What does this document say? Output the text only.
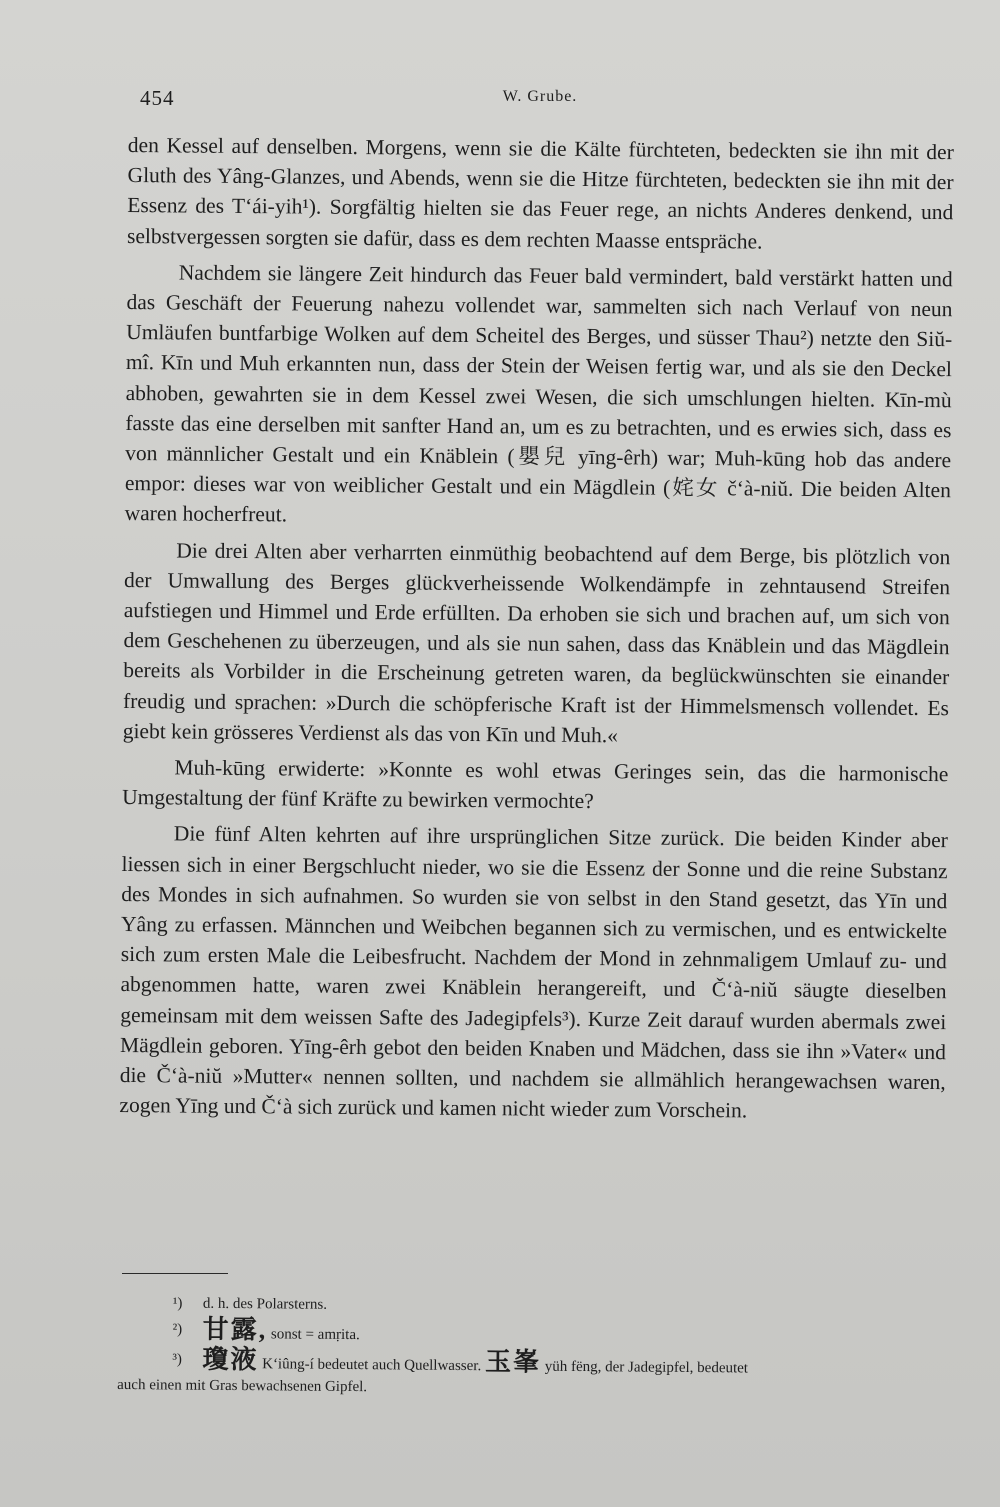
454	W. Grube.

den Kessel auf denselben. Morgens, wenn sie die Kälte fürchteten, bedeckten sie ihn mit der Gluth des Yâng-Glanzes, und Abends, wenn sie die Hitze fürchteten, bedeckten sie ihn mit der Essenz des T‘ái-yih¹). Sorgfältig hielten sie das Feuer rege, an nichts Anderes denkend, und selbstvergessen sorgten sie dafür, dass es dem rechten Maasse entspräche.

Nachdem sie längere Zeit hindurch das Feuer bald vermindert, bald verstärkt hatten und das Geschäft der Feuerung nahezu vollendet war, sammelten sich nach Verlauf von neun Umläufen buntfarbige Wolken auf dem Scheitel des Berges, und süsser Thau²) netzte den Siŭ-mî. Kīn und Muh erkannten nun, dass der Stein der Weisen fertig war, und als sie den Deckel abhoben, gewahrten sie in dem Kessel zwei Wesen, die sich umschlungen hielten. Kīn-mù fasste das eine derselben mit sanfter Hand an, um es zu betrachten, und es erwies sich, dass es von männlicher Gestalt und ein Knäblein (嬰兒 yīng-êrh) war; Muh-kūng hob das andere empor: dieses war von weiblicher Gestalt und ein Mägdlein (姹女 č‘à-niŭ. Die beiden Alten waren hocherfreut.

Die drei Alten aber verharrten einmüthig beobachtend auf dem Berge, bis plötzlich von der Umwallung des Berges glückverheissende Wolkendämpfe in zehntausend Streifen aufstiegen und Himmel und Erde erfüllten. Da erhoben sie sich und brachen auf, um sich von dem Geschehenen zu überzeugen, und als sie nun sahen, dass das Knäblein und das Mägdlein bereits als Vorbilder in die Erscheinung getreten waren, da beglückwünschten sie einander freudig und sprachen: »Durch die schöpferische Kraft ist der Himmelsmensch vollendet. Es giebt kein grösseres Verdienst als das von Kīn und Muh.«

Muh-kūng erwiderte: »Konnte es wohl etwas Geringes sein, das die harmonische Umgestaltung der fünf Kräfte zu bewirken vermochte?

Die fünf Alten kehrten auf ihre ursprünglichen Sitze zurück. Die beiden Kinder aber liessen sich in einer Bergschlucht nieder, wo sie die Essenz der Sonne und die reine Substanz des Mondes in sich aufnahmen. So wurden sie von selbst in den Stand gesetzt, das Yīn und Yâng zu erfassen. Männchen und Weibchen begannen sich zu vermischen, und es entwickelte sich zum ersten Male die Leibesfrucht. Nachdem der Mond in zehnmaligem Umlauf zu- und abgenommen hatte, waren zwei Knäblein herangereift, und Č‘à-niŭ säugte dieselben gemeinsam mit dem weissen Safte des Jadegipfels³). Kurze Zeit darauf wurden abermals zwei Mägdlein geboren. Yīng-êrh gebot den beiden Knaben und Mädchen, dass sie ihn »Vater« und die Č‘à-niŭ »Mutter« nennen sollten, und nachdem sie allmählich herangewachsen waren, zogen Yīng und Č‘à sich zurück und kamen nicht wieder zum Vorschein.

¹) d. h. des Polarsterns.
²) 甘露, sonst = amṛita.
³) 瓊液 K‘iûng-í bedeutet auch Quellwasser. 玉峯 yüh fëng, der Jadegipfel, bedeutet
auch einen mit Gras bewachsenen Gipfel.
